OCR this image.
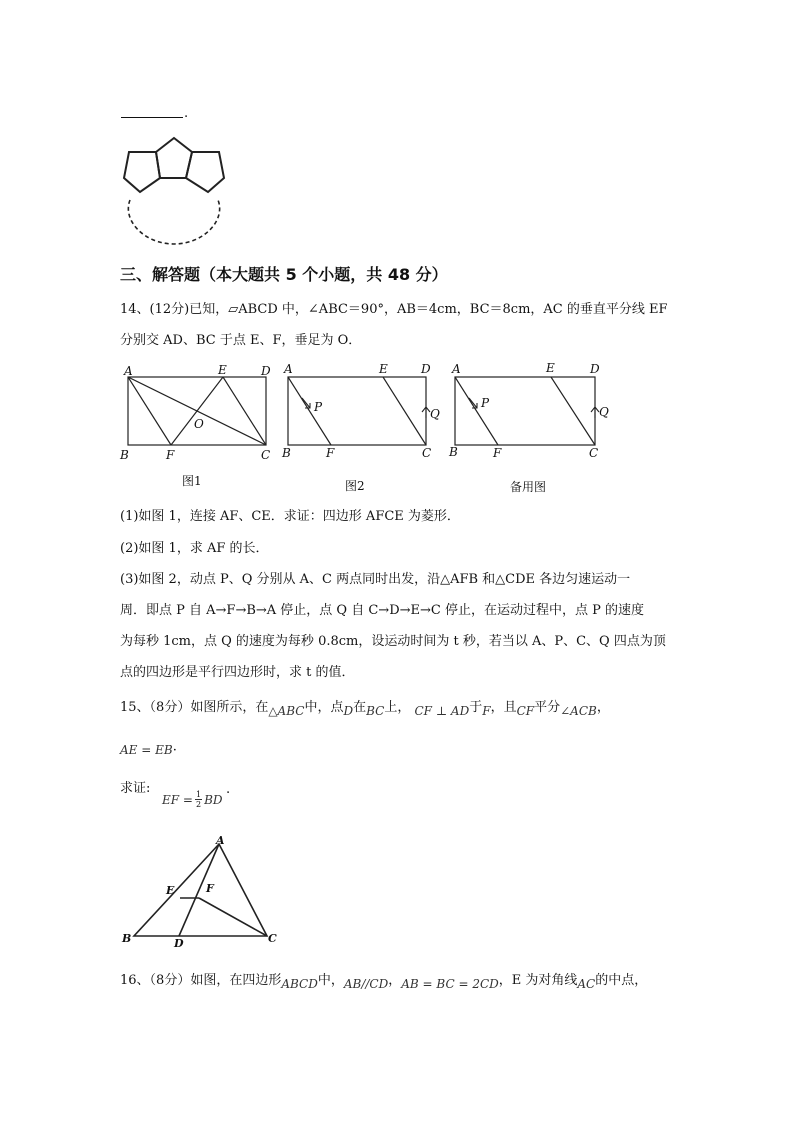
.
三、解答题（本大题共 5 个小题，共 48 分）
14、(12分)已知，▱ABCD 中，∠ABC＝90°，AB＝4cm，BC＝8cm，AC 的垂直平分线 EF
分别交 AD、BC 于点 E、F，垂足为 O．
A	E	D
O
B	F	C
A	E	D
P	Q
B	F	C
A	E	D
P
Q
B	F	C
图1	图2	备用图
(1)如图 1，连接 AF、CE．求证：四边形 AFCE 为菱形．
(2)如图 1，求 AF 的长．
(3)如图 2，动点 P、Q 分别从 A、C 两点同时出发，沿△AFB 和△CDE 各边匀速运动一
周．即点 P 自 A→F→B→A 停止，点 Q 自 C→D→E→C 停止，在运动过程中，点 P 的速度
为每秒 1cm，点 Q 的速度为每秒 0.8cm，设运动时间为 t 秒，若当以 A、P、C、Q 四点为顶
点的四边形是平行四边形时，求 t 的值．
15、（8分）如图所示，在△ABC中，点D在BC上， CF ⊥ AD于F，且CF平分∠ACB，
AE = EB·
求证:
EF = $\frac{1}{2}$ BD
.
A
E	F
B	D	C
16、（8分）如图，在四边形ABCD中，AB//CD，AB = BC = 2CD，E 为对角线AC的中点，
